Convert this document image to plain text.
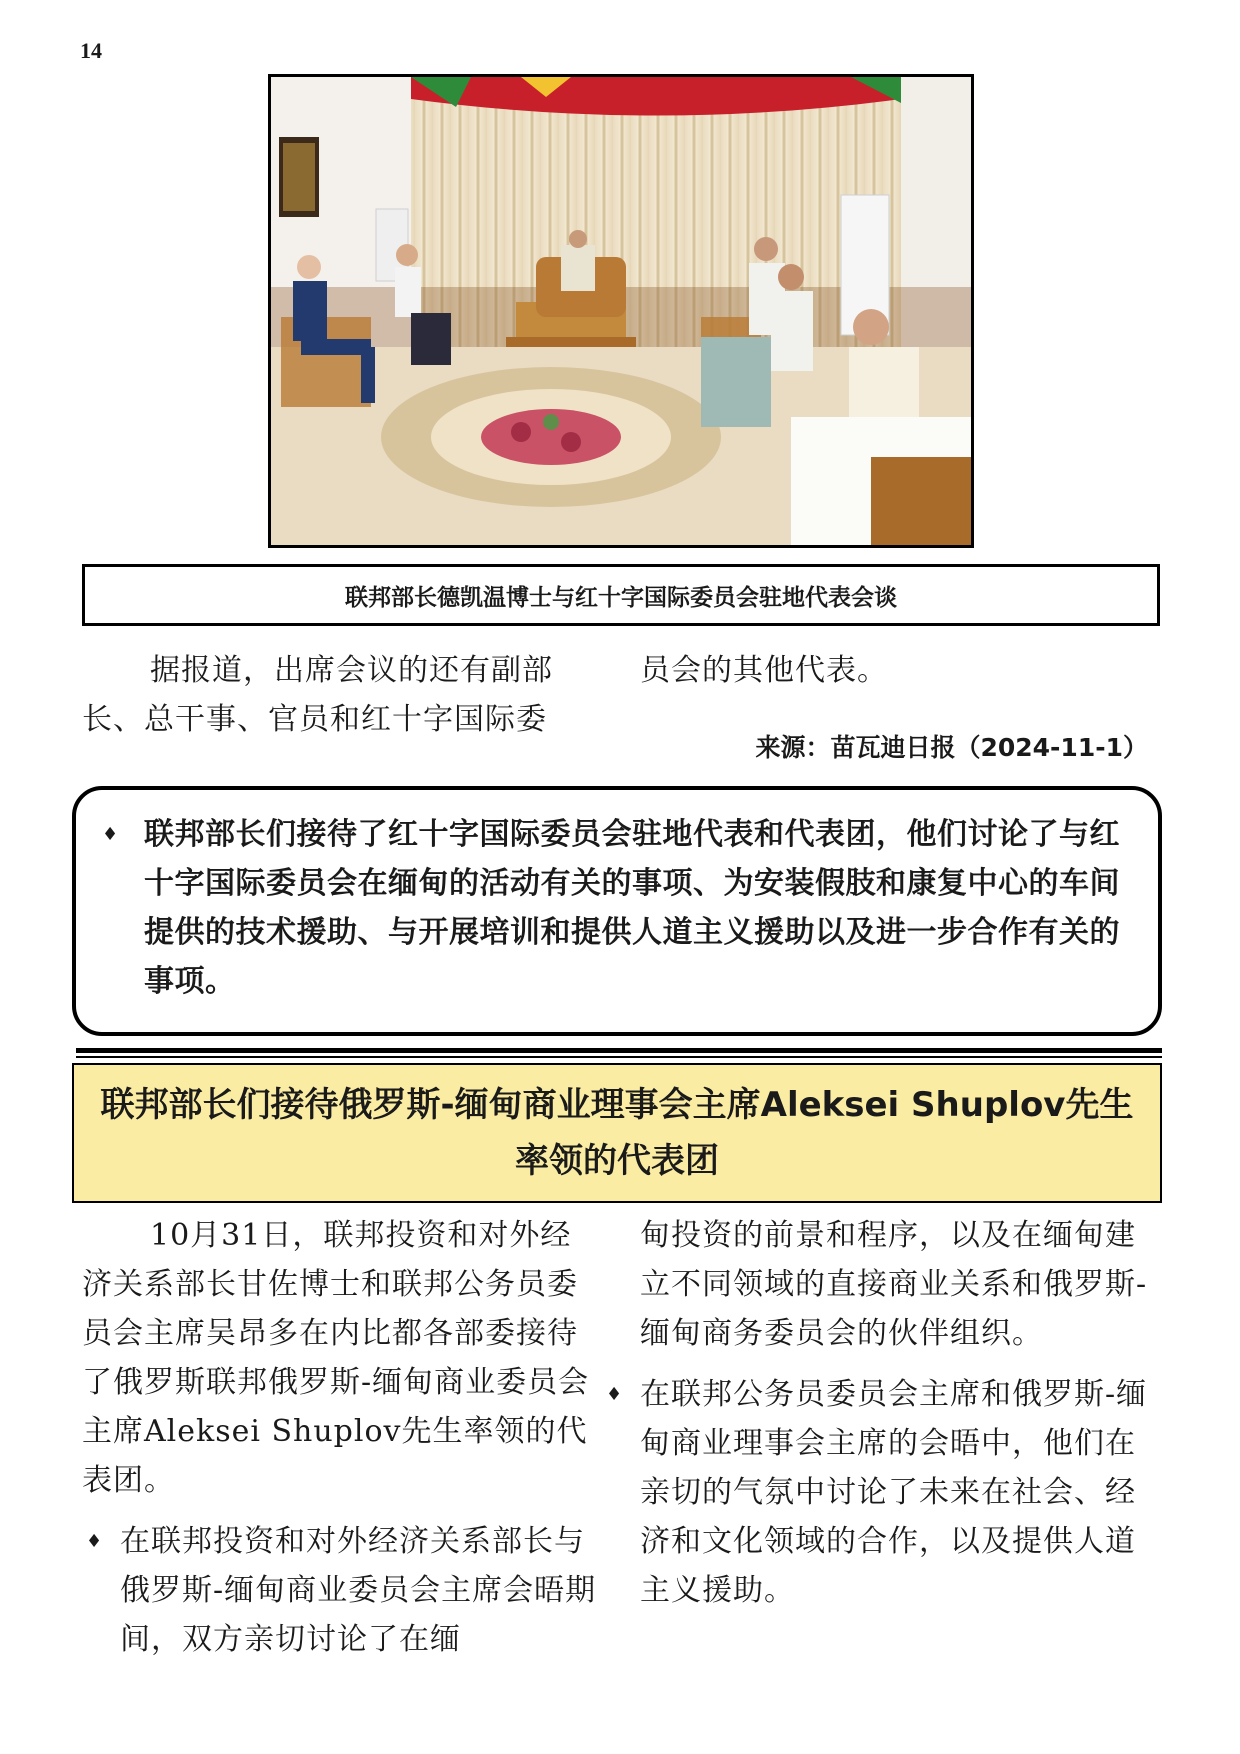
14
联邦部长德凯温博士与红十字国际委员会驻地代表会谈
据报道，出席会议的还有副部长、总干事、官员和红十字国际委
员会的其他代表。
来源：苗瓦迪日报（2024-11-1）
♦ 联邦部长们接待了红十字国际委员会驻地代表和代表团，他们讨论了与红十字国际委员会在缅甸的活动有关的事项、为安装假肢和康复中心的车间提供的技术援助、与开展培训和提供人道主义援助以及进一步合作有关的事项。
联邦部长们接待俄罗斯-缅甸商业理事会主席Aleksei Shuplov先生率领的代表团
10月31日，联邦投资和对外经济关系部长甘佐博士和联邦公务员委员会主席吴昂多在内比都各部委接待了俄罗斯联邦俄罗斯-缅甸商业委员会主席Aleksei Shuplov先生率领的代表团。
♦ 在联邦投资和对外经济关系部长与俄罗斯-缅甸商业委员会主席会晤期间，双方亲切讨论了在缅
甸投资的前景和程序，以及在缅甸建立不同领域的直接商业关系和俄罗斯-缅甸商务委员会的伙伴组织。
♦ 在联邦公务员委员会主席和俄罗斯-缅甸商业理事会主席的会晤中，他们在亲切的气氛中讨论了未来在社会、经济和文化领域的合作，以及提供人道主义援助。
